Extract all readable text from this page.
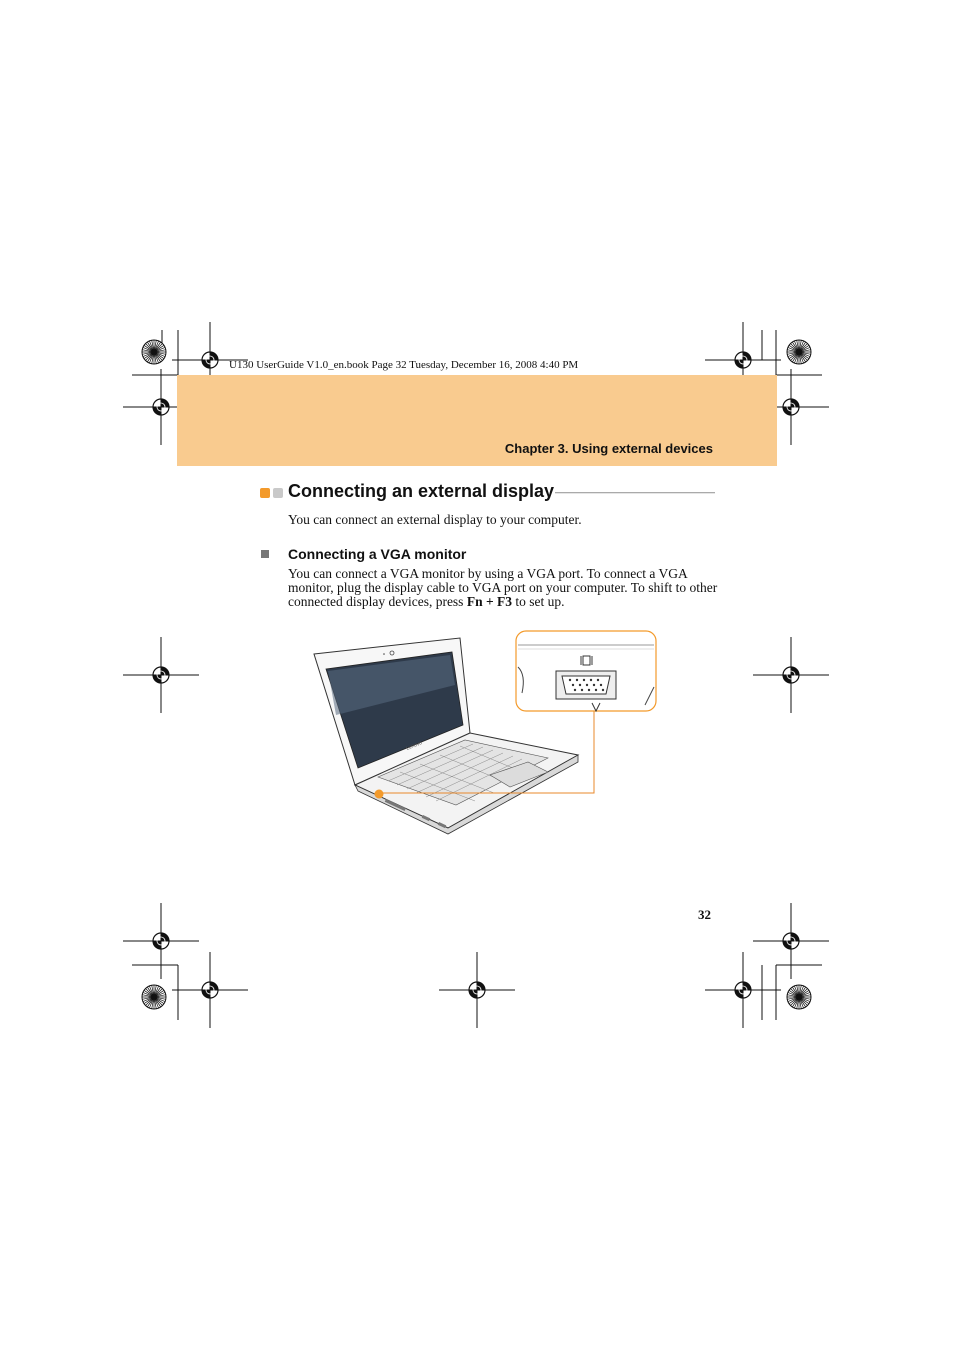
U130 UserGuide V1.0_en.book Page 32 Tuesday, December 16, 2008 4:40 PM
Chapter 3. Using external devices
Connecting an external display
You can connect an external display to your computer.
Connecting a VGA monitor
You can connect a VGA monitor by using a VGA port. To connect a VGA monitor, plug the display cable to VGA port on your computer. To shift to other connected display devices, press Fn + F3 to set up.
Lenovo
32
